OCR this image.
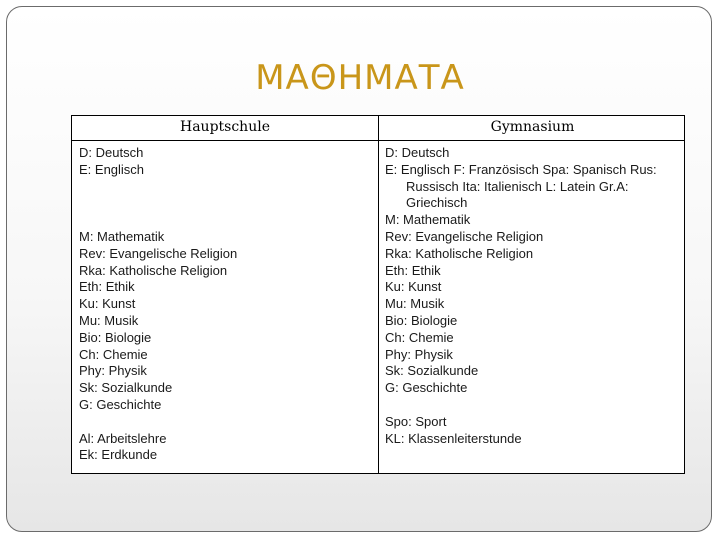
ΜΑΘΗΜΑΤΑ
Hauptschule	Gymnasium
D: Deutsch
E: Englisch
M: Mathematik
Rev: Evangelische Religion
Rka: Katholische Religion
Eth: Ethik
Ku: Kunst
Mu: Musik
Bio: Biologie
Ch: Chemie
Phy: Physik
Sk: Sozialkunde
G: Geschichte
Al: Arbeitslehre
Ek: Erdkunde
D: Deutsch
E: Englisch F: Französisch Spa: Spanisch Rus: Russisch Ita: Italienisch L: Latein Gr.A: Griechisch
M: Mathematik
Rev: Evangelische Religion
Rka: Katholische Religion
Eth: Ethik
Ku: Kunst
Mu: Musik
Bio: Biologie
Ch: Chemie
Phy: Physik
Sk: Sozialkunde
G: Geschichte
Spo: Sport
KL: Klassenleiterstunde
